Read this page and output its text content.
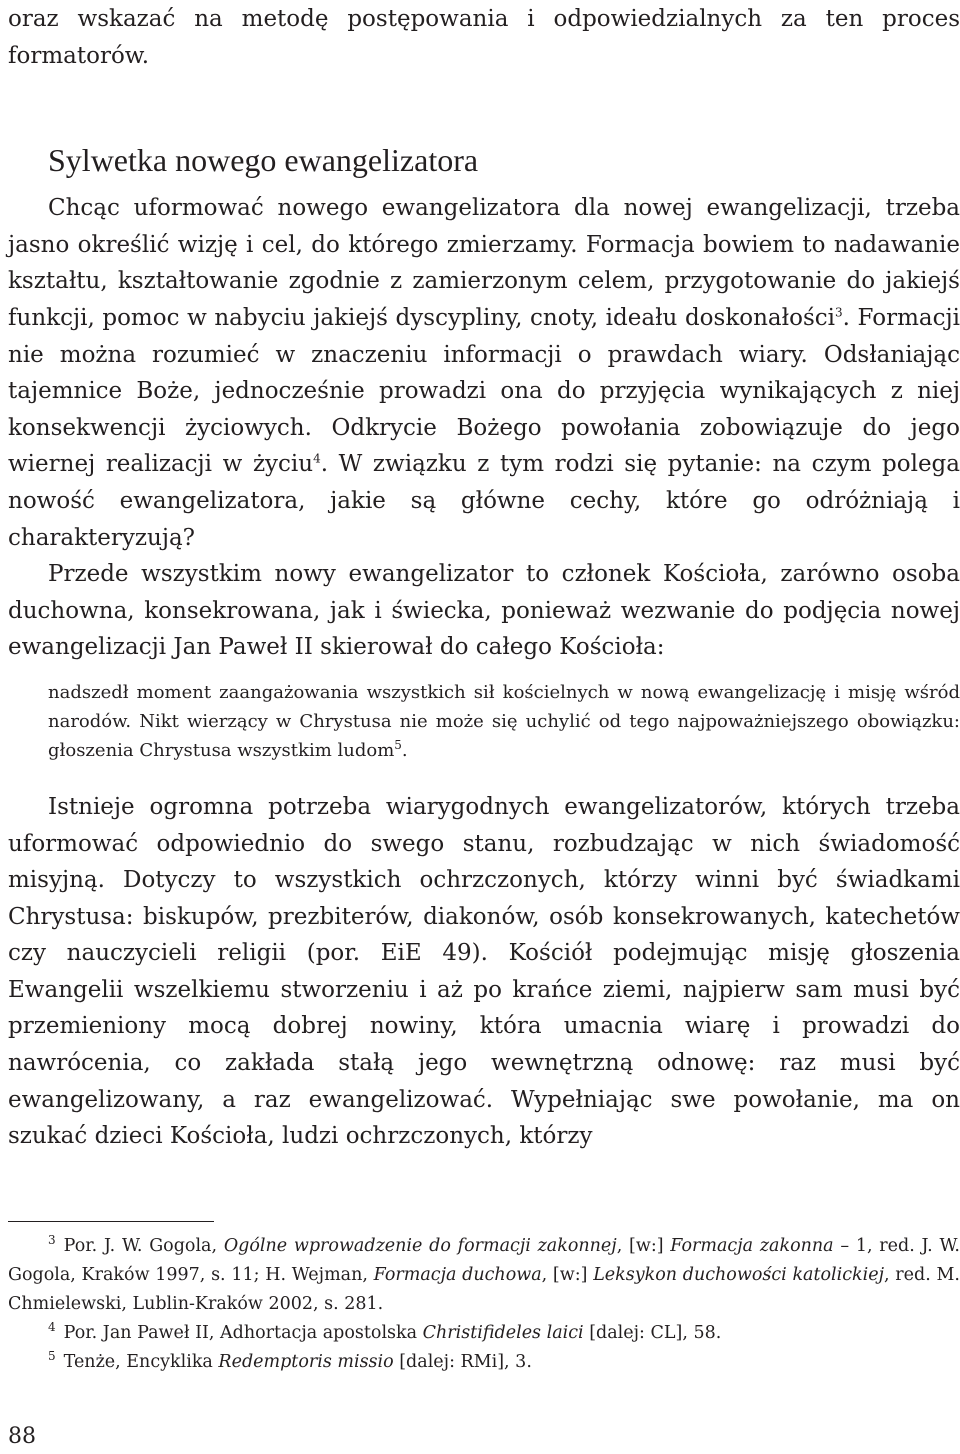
oraz wskazać na metodę postępowania i odpowiedzialnych za ten proces formatorów.

Sylwetka nowego ewangelizatora

Chcąc uformować nowego ewangelizatora dla nowej ewangelizacji, trzeba jasno określić wizję i cel, do którego zmierzamy. Formacja bowiem to nadawanie kształtu, kształtowanie zgodnie z zamierzonym celem, przygotowanie do jakiejś funkcji, pomoc w nabyciu jakiejś dyscypliny, cnoty, ideału doskonałości$^3$. Formacji nie można rozumieć w znaczeniu informacji o prawdach wiary. Odsłaniając tajemnice Boże, jednocześnie prowadzi ona do przyjęcia wynikających z niej konsekwencji życiowych. Odkrycie Bożego powołania zobowiązuje do jego wiernej realizacji w życiu$^4$. W związku z tym rodzi się pytanie: na czym polega nowość ewangelizatora, jakie są główne cechy, które go odróżniają i charakteryzują?

Przede wszystkim nowy ewangelizator to członek Kościoła, zarówno osoba duchowna, konsekrowana, jak i świecka, ponieważ wezwanie do podjęcia nowej ewangelizacji Jan Paweł II skierował do całego Kościoła:

nadszedł moment zaangażowania wszystkich sił kościelnych w nową ewangelizację i misję wśród narodów. Nikt wierzący w Chrystusa nie może się uchylić od tego najpoważniejszego obowiązku: głoszenia Chrystusa wszystkim ludom$^5$.

Istnieje ogromna potrzeba wiarygodnych ewangelizatorów, których trzeba uformować odpowiednio do swego stanu, rozbudzając w nich świadomość misyjną. Dotyczy to wszystkich ochrzczonych, którzy winni być świadkami Chrystusa: biskupów, prezbiterów, diakonów, osób konsekrowanych, katechetów czy nauczycieli religii (por. EiE 49). Kościół podejmując misję głoszenia Ewangelii wszelkiemu stworzeniu i aż po krańce ziemi, najpierw sam musi być przemieniony mocą dobrej nowiny, która umacnia wiarę i prowadzi do nawrócenia, co zakłada stałą jego wewnętrzną odnowę: raz musi być ewangelizowany, a raz ewangelizować. Wypełniając swe powołanie, ma on szukać dzieci Kościoła, ludzi ochrzczonych, którzy

$^3$ Por. J. W. Gogola, Ogólne wprowadzenie do formacji zakonnej, [w:] Formacja zakonna – 1, red. J. W. Gogola, Kraków 1997, s. 11; H. Wejman, Formacja duchowa, [w:] Leksykon duchowości katolickiej, red. M. Chmielewski, Lublin-Kraków 2002, s. 281.

$^4$ Por. Jan Paweł II, Adhortacja apostolska Christifideles laici [dalej: CL], 58.

$^5$ Tenże, Encyklika Redemptoris missio [dalej: RMi], 3.

88
